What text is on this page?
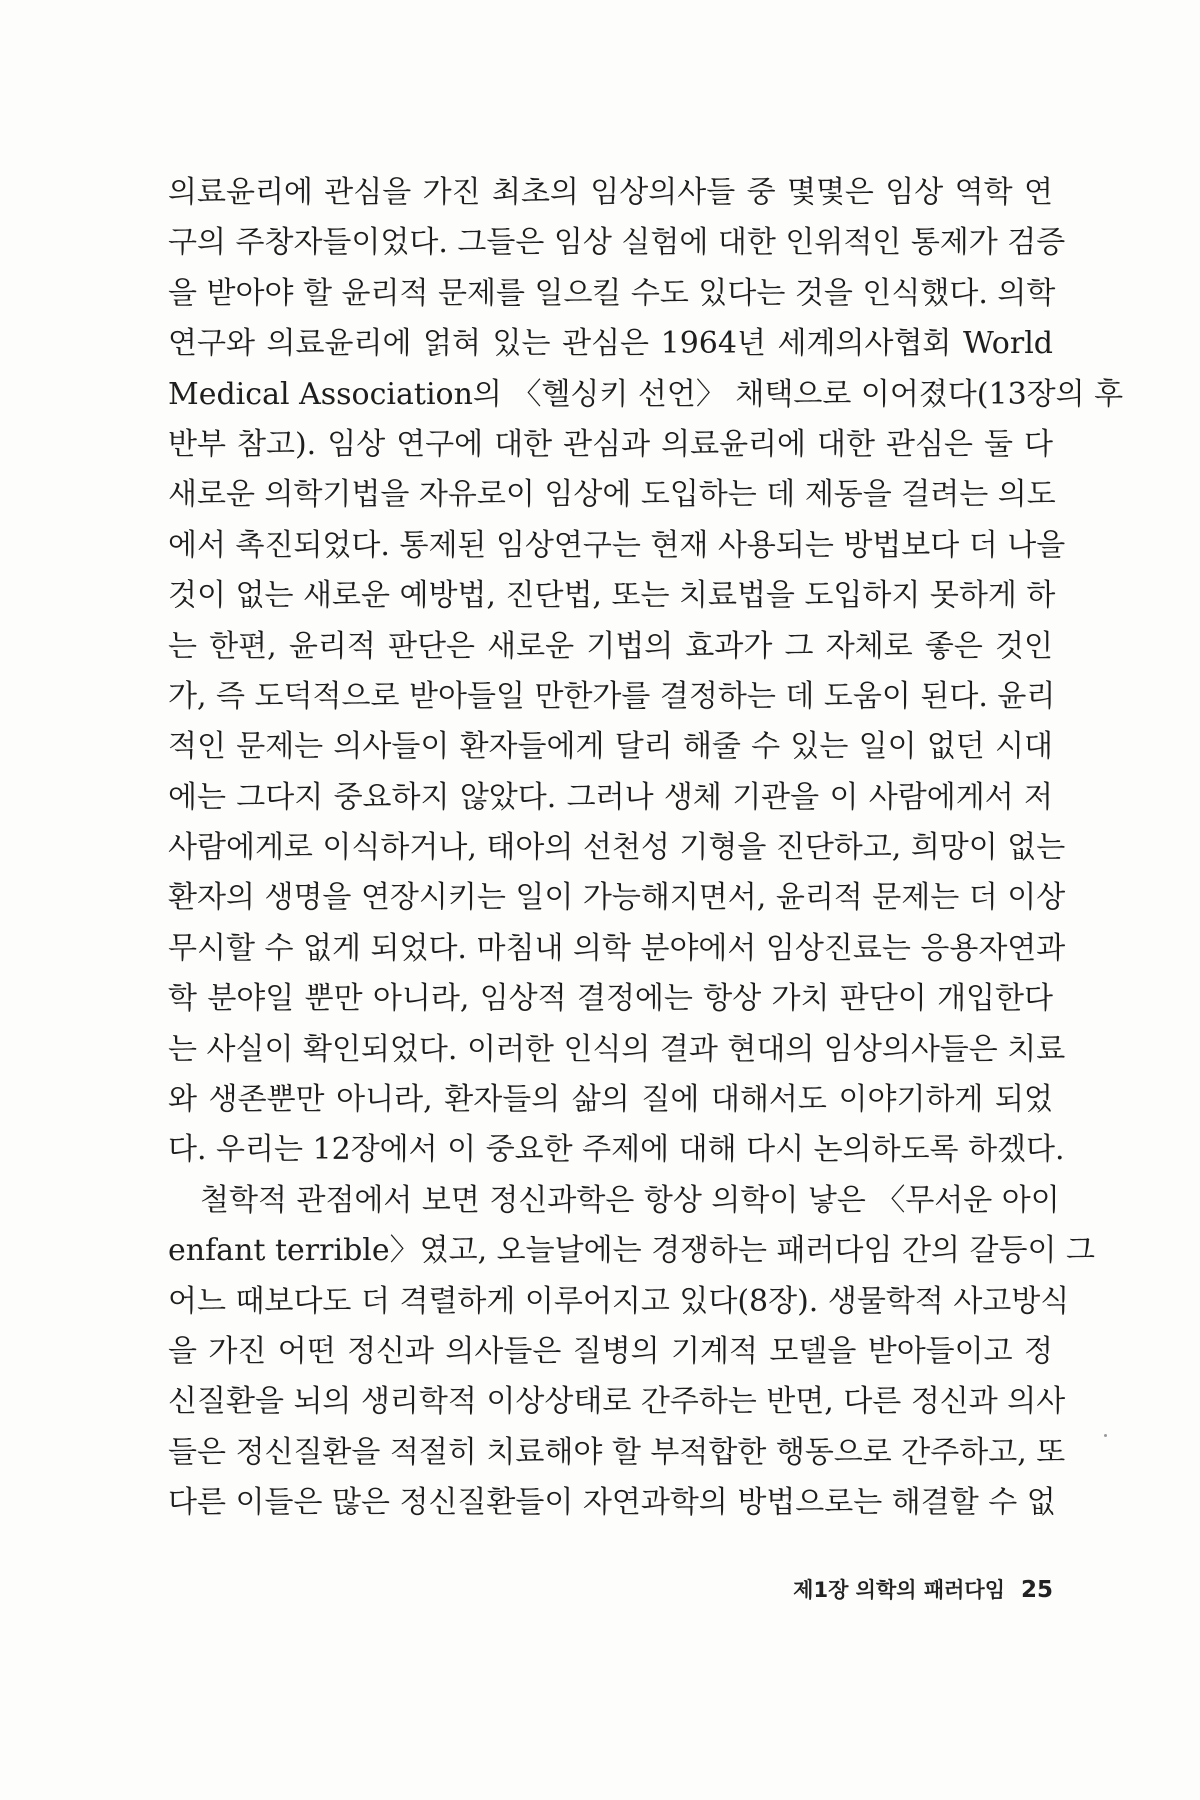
의료윤리에 관심을 가진 최초의 임상의사들 중 몇몇은 임상 역학 연
구의 주창자들이었다. 그들은 임상 실험에 대한 인위적인 통제가 검증
을 받아야 할 윤리적 문제를 일으킬 수도 있다는 것을 인식했다. 의학
연구와 의료윤리에 얽혀 있는 관심은 1964년 세계의사협회 World
Medical Association의 〈헬싱키 선언〉 채택으로 이어졌다(13장의 후
반부 참고). 임상 연구에 대한 관심과 의료윤리에 대한 관심은 둘 다
새로운 의학기법을 자유로이 임상에 도입하는 데 제동을 걸려는 의도
에서 촉진되었다. 통제된 임상연구는 현재 사용되는 방법보다 더 나을
것이 없는 새로운 예방법, 진단법, 또는 치료법을 도입하지 못하게 하
는 한편, 윤리적 판단은 새로운 기법의 효과가 그 자체로 좋은 것인
가, 즉 도덕적으로 받아들일 만한가를 결정하는 데 도움이 된다. 윤리
적인 문제는 의사들이 환자들에게 달리 해줄 수 있는 일이 없던 시대
에는 그다지 중요하지 않았다. 그러나 생체 기관을 이 사람에게서 저
사람에게로 이식하거나, 태아의 선천성 기형을 진단하고, 희망이 없는
환자의 생명을 연장시키는 일이 가능해지면서, 윤리적 문제는 더 이상
무시할 수 없게 되었다. 마침내 의학 분야에서 임상진료는 응용자연과
학 분야일 뿐만 아니라, 임상적 결정에는 항상 가치 판단이 개입한다
는 사실이 확인되었다. 이러한 인식의 결과 현대의 임상의사들은 치료
와 생존뿐만 아니라, 환자들의 삶의 질에 대해서도 이야기하게 되었
다. 우리는 12장에서 이 중요한 주제에 대해 다시 논의하도록 하겠다.
철학적 관점에서 보면 정신과학은 항상 의학이 낳은 〈무서운 아이
enfant terrible〉였고, 오늘날에는 경쟁하는 패러다임 간의 갈등이 그
어느 때보다도 더 격렬하게 이루어지고 있다(8장). 생물학적 사고방식
을 가진 어떤 정신과 의사들은 질병의 기계적 모델을 받아들이고 정
신질환을 뇌의 생리학적 이상상태로 간주하는 반면, 다른 정신과 의사
들은 정신질환을 적절히 치료해야 할 부적합한 행동으로 간주하고, 또
다른 이들은 많은 정신질환들이 자연과학의 방법으로는 해결할 수 없
제1장 의학의 패러다임 25
